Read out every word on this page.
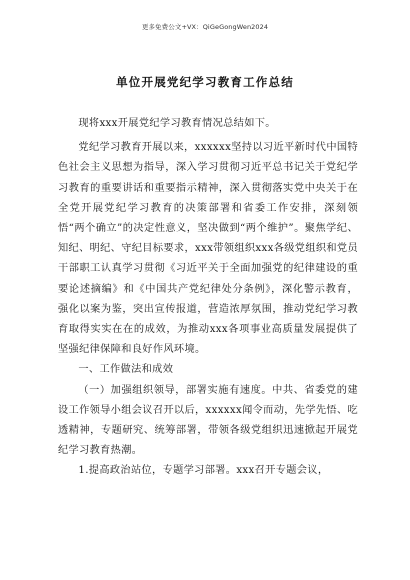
更多免费公文+VX：QiGeGongWen2024
单位开展党纪学习教育工作总结

现将xxx开展党纪学习教育情况总结如下。

党纪学习教育开展以来，xxxxxx坚持以习近平新时代中国特色社会主义思想为指导，深入学习贯彻习近平总书记关于党纪学习教育的重要讲话和重要指示精神，深入贯彻落实党中央关于在全党开展党纪学习教育的决策部署和省委工作安排，深刻领悟“两个确立”的决定性意义，坚决做到“两个维护”。聚焦学纪、知纪、明纪、守纪目标要求，xxx带领组织xxx各级党组织和党员干部职工认真学习贯彻《习近平关于全面加强党的纪律建设的重要论述摘编》和《中国共产党纪律处分条例》，深化警示教育，强化以案为鉴，突出宣传报道，营造浓厚氛围，推动党纪学习教育取得实实在在的成效，为推动xxx各项事业高质量发展提供了坚强纪律保障和良好作风环境。

一、工作做法和成效

（一）加强组织领导，部署实施有速度。中共、省委党的建设工作领导小组会议召开以后，xxxxxx闻令而动，先学先悟、吃透精神，专题研究、统筹部署，带领各级党组织迅速掀起开展党纪学习教育热潮。

1.提高政治站位，专题学习部署。xxx召开专题会议，
